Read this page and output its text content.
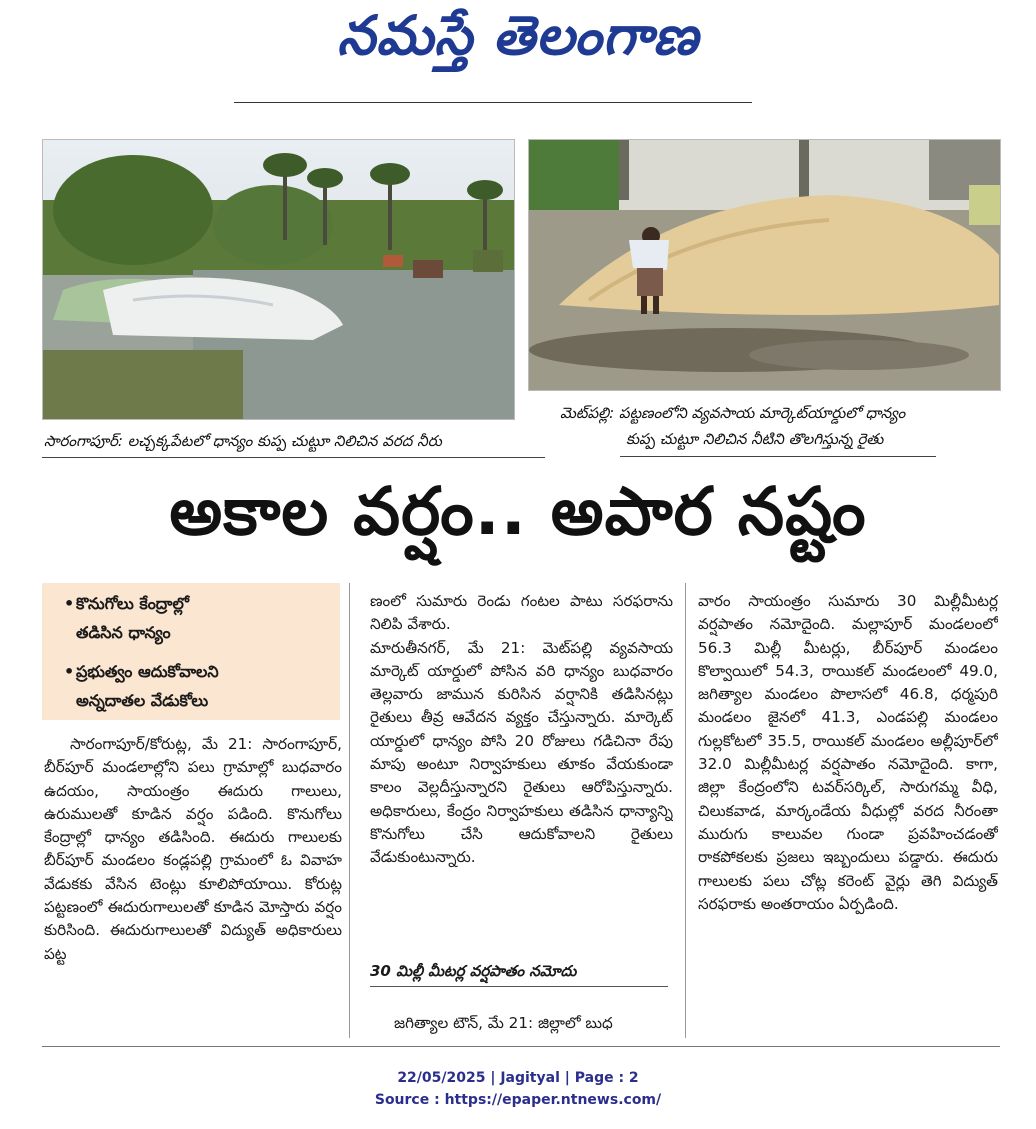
నమస్తే తెలంగాణ
సారంగాపూర్: లచ్చక్కపేటలో ధాన్యం కుప్ప చుట్టూ నిలిచిన వరద నీరు
మెట్‌పల్లి: పట్టణంలోని వ్యవసాయ మార్కెట్‌యార్డులో ధాన్యం
కుప్ప చుట్టూ నిలిచిన నీటిని తొలగిస్తున్న రైతు
అకాల వర్షం.. అపార నష్టం
• కొనుగోలు కేంద్రాల్లో
తడిసిన ధాన్యం
• ప్రభుత్వం ఆదుకోవాలని
అన్నదాతల వేడుకోలు
సారంగాపూర్/కోరుట్ల, మే 21: సారంగాపూర్, బీర్‌పూర్ మండలాల్లోని పలు గ్రామాల్లో బుధవారం ఉదయం, సాయంత్రం ఈదురు గాలులు, ఉరుములతో కూడిన వర్షం పడింది. కొనుగోలు కేంద్రాల్లో ధాన్యం తడిసింది. ఈదురు గాలులకు బీర్‌పూర్ మండలం కండ్లపల్లి గ్రామంలో ఓ వివాహ వేడుకకు వేసిన టెంట్లు కూలిపోయాయి. కోరుట్ల పట్టణంలో ఈదురుగాలులతో కూడిన మోస్తారు వర్షం కురిసింది. ఈదురుగాలులతో విద్యుత్ అధికారులు పట్ట
ణంలో సుమారు రెండు గంటల పాటు సరఫరాను నిలిపి వేశారు.
మారుతీనగర్, మే 21: మెట్‌పల్లి వ్యవసాయ మార్కెట్ యార్డులో పోసిన వరి ధాన్యం బుధవారం తెల్లవారు జామున కురిసిన వర్షానికి తడిసినట్లు రైతులు తీవ్ర ఆవేదన వ్యక్తం చేస్తున్నారు. మార్కెట్ యార్డులో ధాన్యం పోసి 20 రోజులు గడిచినా రేపు మాపు అంటూ నిర్వాహకులు తూకం వేయకుండా కాలం వెల్లదీస్తున్నారని రైతులు ఆరోపిస్తున్నారు. అధికారులు, కేంద్రం నిర్వాహకులు తడిసిన ధాన్యాన్ని కొనుగోలు చేసి ఆదుకోవాలని రైతులు వేడుకుంటున్నారు.
30 మిల్లీ మీటర్ల వర్షపాతం నమోదు
జగిత్యాల టౌన్, మే 21: జిల్లాలో బుధ
వారం సాయంత్రం సుమారు 30 మిల్లీమీటర్ల వర్షపాతం నమోదైంది. మల్లాపూర్ మండలంలో 56.3 మిల్లీ మీటర్లు, బీర్‌పూర్ మండలం కొల్వాయిలో 54.3, రాయికల్ మండలంలో 49.0, జగిత్యాల మండలం పొలాసలో 46.8, ధర్మపురి మండలం జైనలో 41.3, ఎండపల్లి మండలం గుల్లకోటలో 35.5, రాయికల్ మండలం అల్లీపూర్‌లో 32.0 మిల్లీమీటర్ల వర్షపాతం నమోదైంది. కాగా, జిల్లా కేంద్రంలోని టవర్‌సర్కిల్, సారుగమ్మ వీధి, చిలుకవాడ, మార్కండేయ వీధుల్లో వరద నీరంతా మురుగు కాలువల గుండా ప్రవహించడంతో రాకపోకలకు ప్రజలు ఇబ్బందులు పడ్డారు. ఈదురు గాలులకు పలు చోట్ల కరెంట్ వైర్లు తెగి విద్యుత్ సరఫరాకు అంతరాయం ఏర్పడింది.
22/05/2025 | Jagityal | Page : 2
Source : https://epaper.ntnews.com/
